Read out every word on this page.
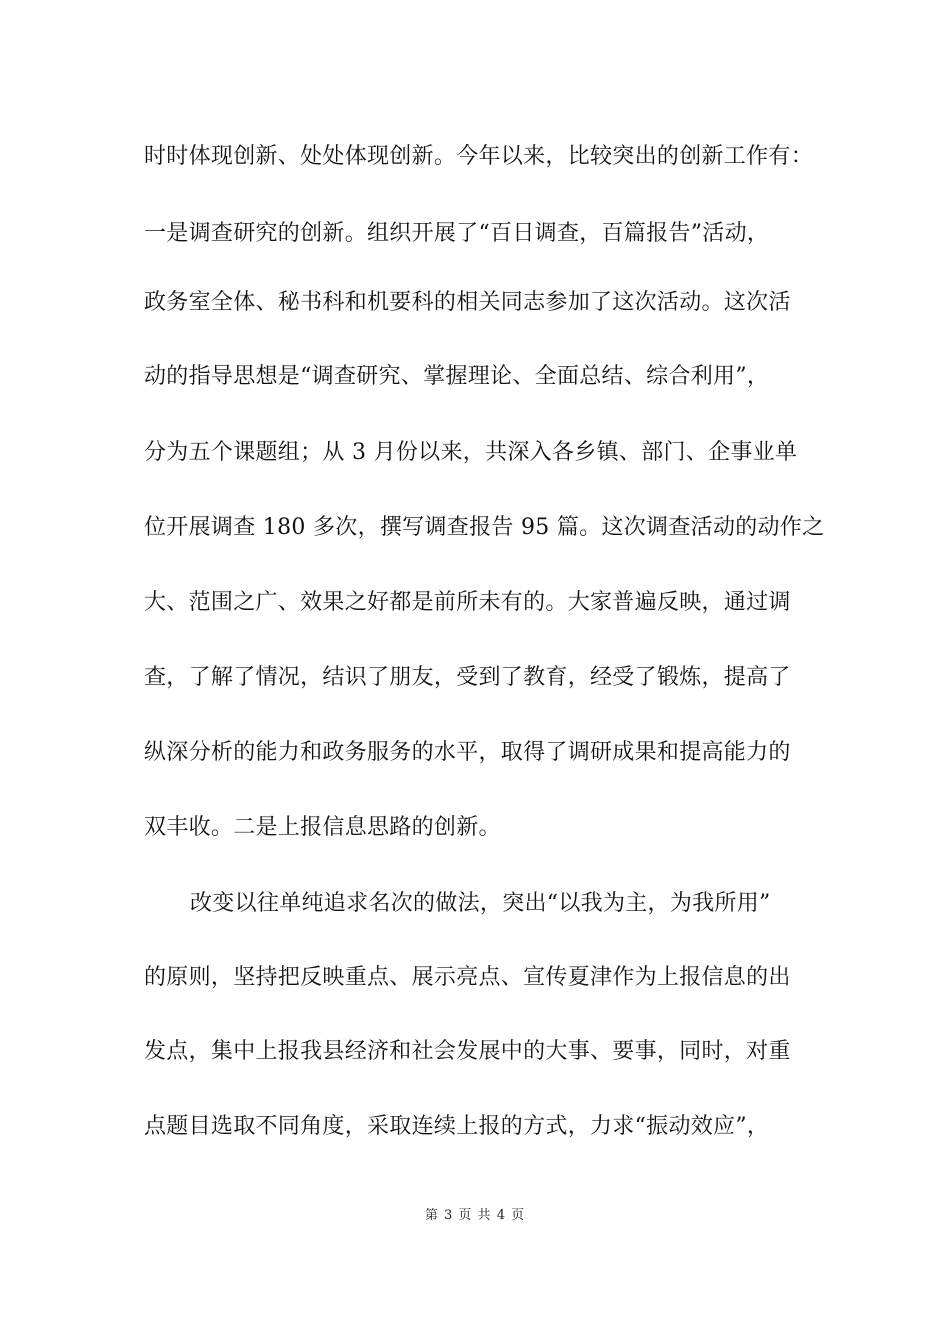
时时体现创新、处处体现创新。今年以来，比较突出的创新工作有：
一是调查研究的创新。组织开展了“百日调查，百篇报告”活动，
政务室全体、秘书科和机要科的相关同志参加了这次活动。这次活
动的指导思想是“调查研究、掌握理论、全面总结、综合利用”，
分为五个课题组；从 3 月份以来，共深入各乡镇、部门、企事业单
位开展调查 180 多次，撰写调查报告 95 篇。这次调查活动的动作之
大、范围之广、效果之好都是前所未有的。大家普遍反映，通过调
查，了解了情况，结识了朋友，受到了教育，经受了锻炼，提高了
纵深分析的能力和政务服务的水平，取得了调研成果和提高能力的
双丰收。二是上报信息思路的创新。
改变以往单纯追求名次的做法，突出“以我为主，为我所用”
的原则，坚持把反映重点、展示亮点、宣传夏津作为上报信息的出
发点，集中上报我县经济和社会发展中的大事、要事，同时，对重
点题目选取不同角度，采取连续上报的方式，力求“振动效应”，
第 3 页 共 4 页
